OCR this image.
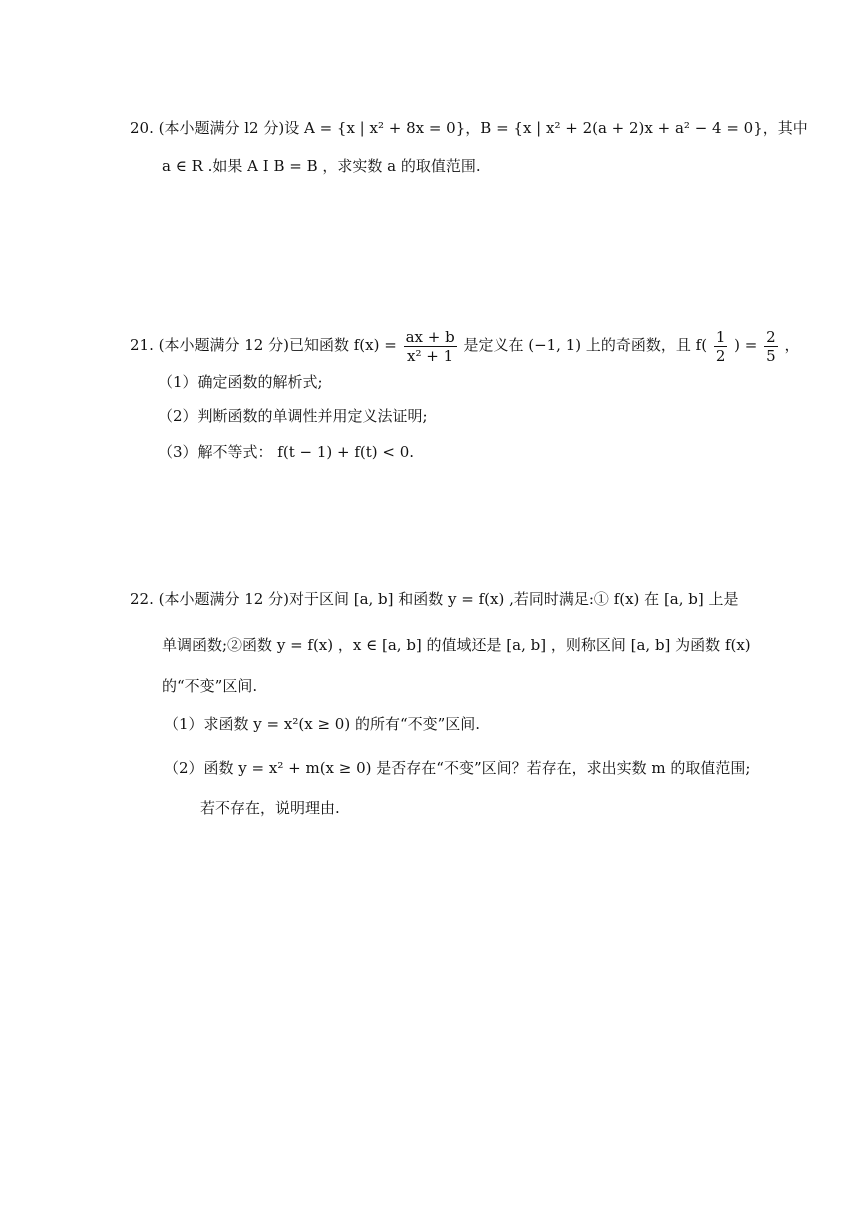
20. (本小题满分 l2 分)设 A = {x | x² + 8x = 0}，B = {x | x² + 2(a + 2)x + a² − 4 = 0}，其中
a ∈ R .如果 A I B = B ，求实数 a 的取值范围.
21. (本小题满分 12 分)已知函数 $f(x) = \frac{ax + b}{\text{x² + 1}}$ 是定义在 (−1, 1) 上的奇函数，且 $f( \frac{1}{2}$ ) = $\frac{2}{5}$ ，
（1）确定函数的解析式;
（2）判断函数的单调性并用定义法证明;
（3）解不等式： f(t − 1) + f(t) < 0.
22. (本小题满分 12 分)对于区间 [a, b] 和函数 y = f(x) ,若同时满足:① f(x) 在 [a, b] 上是
单调函数;②函数 y = f(x) ，x ∈ [a, b] 的值域还是 [a, b] ，则称区间 [a, b] 为函数 f(x)
的“不变”区间.
（1）求函数 y = x²(x ≥ 0) 的所有“不变”区间.
（2）函数 y = x² + m(x ≥ 0) 是否存在“不变”区间？若存在，求出实数 m 的取值范围;
若不存在，说明理由.
